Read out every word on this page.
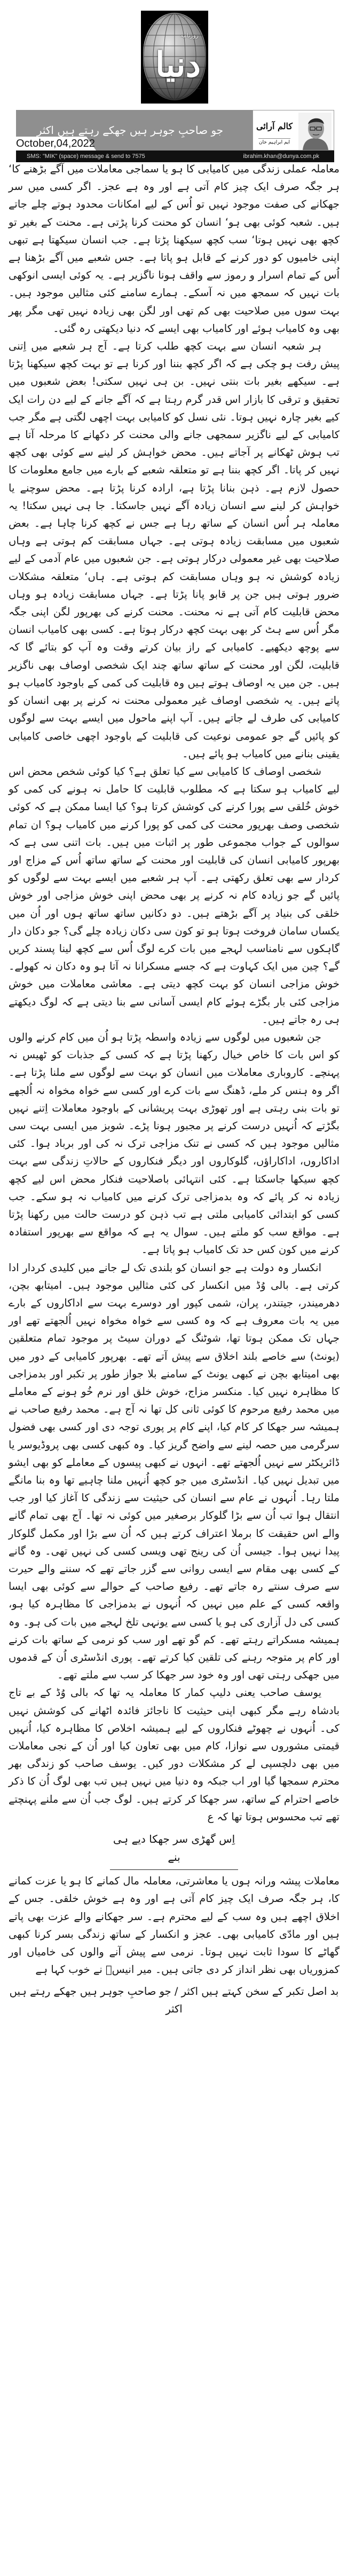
روزنامہ
دنیا
جو صاحبِ جوہر ہیں جھکے رہتے ہیں اکثر
October,04,2022
کالم آرائی
ایم ابراہیم خان
SMS: "MIK" (space) message & send to 7575	ibrahim.khan@dunya.com.pk

معاملہ عملی زندگی میں کامیابی کا ہو یا سماجی معاملات میں آگے بڑھنے کا‘ ہر جگہ صرف ایک چیز کام آتی ہے اور وہ ہے عجز۔ اگر کسی میں سر جھکانے کی صفت موجود نہیں تو اُس کے لیے امکانات محدود ہوتے چلے جاتے ہیں۔ شعبہ کوئی بھی ہو‘ انسان کو محنت کرنا پڑتی ہے۔ محنت کے بغیر تو کچھ بھی نہیں ہوتا‘ سب کچھ سیکھنا پڑتا ہے۔ جب انسان سیکھتا ہے تبھی اپنی خامیوں کو دور کرنے کے قابل ہو پاتا ہے۔ جس شعبے میں آگے بڑھنا ہے اُس کے تمام اسرار و رموز سے واقف ہونا ناگزیر ہے۔ یہ کوئی ایسی انوکھی بات نہیں کہ سمجھ میں نہ آسکے۔ ہمارے سامنے کئی مثالیں موجود ہیں۔ بہت سوں میں صلاحیت بھی کم تھی اور لگن بھی زیادہ نہیں تھی مگر پھر بھی وہ کامیاب ہوئے اور کامیاب بھی ایسے کہ دنیا دیکھتی رہ گئی۔

ہر شعبہ انسان سے بہت کچھ طلب کرتا ہے۔ آج ہر شعبے میں اِتنی پیش رفت ہو چکی ہے کہ اگر کچھ بننا اور کرنا ہے تو بہت کچھ سیکھنا پڑتا ہے۔ سیکھے بغیر بات بنتی نہیں۔ بن ہی نہیں سکتی! بعض شعبوں میں تحقیق و ترقی کا بازار اس قدر گرم رہتا ہے کہ آگے جانے کے لیے دن رات ایک کیے بغیر چارہ نہیں ہوتا۔ نئی نسل کو کامیابی بہت اچھی لگتی ہے مگر جب کامیابی کے لیے ناگزیر سمجھی جانے والی محنت کر دکھانے کا مرحلہ آتا ہے تب ہوش ٹھکانے پر آجاتے ہیں۔ محض خواہش کر لینے سے کوئی بھی کچھ نہیں کر پاتا۔ اگر کچھ بننا ہے تو متعلقہ شعبے کے بارے میں جامع معلومات کا حصول لازم ہے۔ ذہن بنانا پڑتا ہے، ارادہ کرنا پڑتا ہے۔ محض سوچنے یا خواہش کر لینے سے انسان زیادہ آگے نہیں جاسکتا۔ جا ہی نہیں سکتا! یہ معاملہ ہر اُس انسان کے ساتھ رہا ہے جس نے کچھ کرنا چاہا ہے۔ بعض شعبوں میں مسابقت زیادہ ہوتی ہے۔ جہاں مسابقت کم ہوتی ہے وہاں صلاحیت بھی غیر معمولی درکار ہوتی ہے۔ جن شعبوں میں عام آدمی کے لیے زیادہ کوشش نہ ہو وہاں مسابقت کم ہوتی ہے۔ ہاں‘ متعلقہ مشکلات ضرور ہوتی ہیں جن پر قابو پانا پڑتا ہے۔ جہاں مسابقت زیادہ ہو وہاں محض قابلیت کام آتی ہے نہ محنت۔ محنت کرنے کی بھرپور لگن اپنی جگہ مگر اُس سے ہٹ کر بھی بہت کچھ درکار ہوتا ہے۔ کسی بھی کامیاب انسان سے پوچھ دیکھیے۔ کامیابی کے راز بیان کرتے وقت وہ آپ کو بتائے گا کہ قابلیت، لگن اور محنت کے ساتھ ساتھ چند ایک شخصی اوصاف بھی ناگزیر ہیں۔ جن میں یہ اوصاف ہوتے ہیں وہ قابلیت کی کمی کے باوجود کامیاب ہو پاتے ہیں۔ یہ شخصی اوصاف غیر معمولی محنت نہ کرنے پر بھی انسان کو کامیابی کی طرف لے جاتے ہیں۔ آپ اپنے ماحول میں ایسے بہت سے لوگوں کو پائیں گے جو عمومی نوعیت کی قابلیت کے باوجود اچھی خاصی کامیابی یقینی بنانے میں کامیاب ہو پائے ہیں۔

شخصی اوصاف کا کامیابی سے کیا تعلق ہے؟ کیا کوئی شخص محض اس لیے کامیاب ہو سکتا ہے کہ مطلوب قابلیت کا حامل نہ ہونے کی کمی کو خوش خُلقی سے پورا کرنے کی کوشش کرتا ہو؟ کیا ایسا ممکن ہے کہ کوئی شخصی وصف بھرپور محنت کی کمی کو پورا کرنے میں کامیاب ہو؟ ان تمام سوالوں کے جواب مجموعی طور پر اثبات میں ہیں۔ بات اتنی سی ہے کہ بھرپور کامیابی انسان کی قابلیت اور محنت کے ساتھ ساتھ اُس کے مزاج اور کردار سے بھی تعلق رکھتی ہے۔ آپ ہر شعبے میں ایسے بہت سے لوگوں کو پائیں گے جو زیادہ کام نہ کرنے پر بھی محض اپنی خوش مزاجی اور خوش خلقی کی بنیاد پر آگے بڑھتے ہیں۔ دو دکانیں ساتھ ساتھ ہوں اور اُن میں یکساں سامان فروخت ہوتا ہو تو کون سی دکان زیادہ چلے گی؟ جو دکان دار گاہکوں سے نامناسب لہجے میں بات کرے لوگ اُس سے کچھ لینا پسند کریں گے؟ چین میں ایک کہاوت ہے کہ جسے مسکرانا نہ آتا ہو وہ دکان نہ کھولے۔ خوش مزاجی انسان کو بہت کچھ دیتی ہے۔ معاشی معاملات میں خوش مزاجی کئی بار بگڑے ہوئے کام ایسی آسانی سے بنا دیتی ہے کہ لوگ دیکھتے ہی رہ جاتے ہیں۔

جن شعبوں میں لوگوں سے زیادہ واسطہ پڑتا ہو اُن میں کام کرنے والوں کو اس بات کا خاص خیال رکھنا پڑتا ہے کہ کسی کے جذبات کو ٹھیس نہ پہنچے۔ کاروباری معاملات میں انسان کو بہت سے لوگوں سے ملنا پڑتا ہے۔ اگر وہ ہنس کر ملے، ڈھنگ سے بات کرے اور کسی سے خواہ مخواہ نہ اُلجھے تو بات بنی رہتی ہے اور تھوڑی بہت پریشانی کے باوجود معاملات اِتنے نہیں بگڑتے کہ اُنہیں درست کرنے پر مجبور ہونا پڑے۔ شوبز میں ایسی بہت سی مثالیں موجود ہیں کہ کسی نے تنک مزاجی ترک نہ کی اور برباد ہوا۔ کئی اداکاروں، اداکاراؤں، گلوکاروں اور دیگر فنکاروں کے حالاتِ زندگی سے بہت کچھ سیکھا جاسکتا ہے۔ کئی انتہائی باصلاحیت فنکار محض اس لیے کچھ زیادہ نہ کر پائے کہ وہ بدمزاجی ترک کرنے میں کامیاب نہ ہو سکے۔ جب کسی کو ابتدائی کامیابی ملتی ہے تب ذہن کو درست حالت میں رکھنا پڑتا ہے۔ مواقع سب کو ملتے ہیں۔ سوال یہ ہے کہ مواقع سے بھرپور استفادہ کرنے میں کون کس حد تک کامیاب ہو پاتا ہے۔

انکسار وہ دولت ہے جو انسان کو بلندی تک لے جانے میں کلیدی کردار ادا کرتی ہے۔ بالی وُڈ میں انکسار کی کئی مثالیں موجود ہیں۔ امیتابھ بچن، دھرمیندر، جیتندر، پران، شمی کپور اور دوسرے بہت سے اداکاروں کے بارے میں یہ بات معروف ہے کہ وہ کسی سے خواہ مخواہ نہیں اُلجھتے تھے اور جہاں تک ممکن ہوتا تھا، شوٹنگ کے دوران سیٹ پر موجود تمام متعلقین (یونٹ) سے خاصے بلند اخلاق سے پیش آتے تھے۔ بھرپور کامیابی کے دور میں بھی امیتابھ بچن نے کبھی یونٹ کے سامنے بلا جواز طور پر تکبر اور بدمزاجی کا مظاہرہ نہیں کیا۔ منکسر مزاج، خوش خلق اور نرم خُو ہونے کے معاملے میں محمد رفیع مرحوم کا کوئی ثانی کل تھا نہ آج ہے۔ محمد رفیع صاحب نے ہمیشہ سر جھکا کر کام کیا، اپنے کام پر پوری توجہ دی اور کسی بھی فضول سرگرمی میں حصہ لینے سے واضح گریز کیا۔ وہ کبھی کسی بھی پروڈیوسر یا ڈائریکٹر سے نہیں اُلجھتے تھے۔ انہوں نے کبھی پیسوں کے معاملے کو بھی ایشو میں تبدیل نہیں کیا۔ انڈسٹری میں جو کچھ اُنہیں ملنا چاہیے تھا وہ بنا مانگے ملتا رہا۔ اُنہوں نے عام سے انسان کی حیثیت سے زندگی کا آغاز کیا اور جب انتقال ہوا تب اُن سے بڑا گلوکار برصغیر میں کوئی نہ تھا۔ آج بھی تمام گانے والے اس حقیقت کا برملا اعتراف کرتے ہیں کہ اُن سے بڑا اور مکمل گلوکار پیدا نہیں ہوا۔ جیسی اُن کی رینج تھی ویسی کسی کی نہیں تھی۔ وہ گانے کے کسی بھی مقام سے ایسی روانی سے گزر جاتے تھے کہ سننے والے حیرت سے صرف سنتے رہ جاتے تھے۔ رفیع صاحب کے حوالے سے کوئی بھی ایسا واقعہ کسی کے علم میں نہیں کہ اُنہوں نے بدمزاجی کا مظاہرہ کیا ہو، کسی کی دل آزاری کی ہو یا کسی سے یونہی تلخ لہجے میں بات کی ہو۔ وہ ہمیشہ مسکراتے رہتے تھے۔ کم گو تھے اور سب کو نرمی کے ساتھ بات کرنے اور کام پر متوجہ رہنے کی تلقین کیا کرتے تھے۔ پوری انڈسٹری اُن کے قدموں میں جھکی رہتی تھی اور وہ خود سر جھکا کر سب سے ملتے تھے۔

یوسف صاحب یعنی دلیپ کمار کا معاملہ یہ تھا کہ بالی وُڈ کے بے تاج بادشاہ رہے مگر کبھی اپنی حیثیت کا ناجائز فائدہ اٹھانے کی کوشش نہیں کی۔ اُنہوں نے چھوٹے فنکاروں کے لیے ہمیشہ اخلاص کا مظاہرہ کیا، اُنہیں قیمتی مشوروں سے نوازا، کام میں بھی تعاون کیا اور اُن کے نجی معاملات میں بھی دلچسپی لے کر مشکلات دور کیں۔ یوسف صاحب کو زندگی بھر محترم سمجھا گیا اور اب جبکہ وہ دنیا میں نہیں ہیں تب بھی لوگ اُن کا ذکر خاصے احترام کے ساتھ، سر جھکا کر کرتے ہیں۔ لوگ جب اُن سے ملنے پہنچتے تھے تب محسوس ہوتا تھا کہ ع

اِس گھڑی سر جھکا دیے ہی بنے

معاملات پیشہ ورانہ ہوں یا معاشرتی، معاملہ مال کمانے کا ہو یا عزت کمانے کا، ہر جگہ صرف ایک چیز کام آتی ہے اور وہ ہے خوش خلقی۔ جس کے اخلاق اچھے ہیں وہ سب کے لیے محترم ہے۔ سر جھکانے والے عزت بھی پاتے ہیں اور مادّی کامیابی بھی۔ عجز و انکسار کے ساتھ زندگی بسر کرنا کبھی گھاٹے کا سودا ثابت نہیں ہوتا۔ نرمی سے پیش آنے والوں کی خامیاں اور کمزوریاں بھی نظر انداز کر دی جاتی ہیں۔ میر انیسؔ نے خوب کہا ہے

بد اصل تکبر کے سخن کہتے ہیں اکثر / جو صاحبِ جوہر ہیں جھکے رہتے ہیں اکثر
